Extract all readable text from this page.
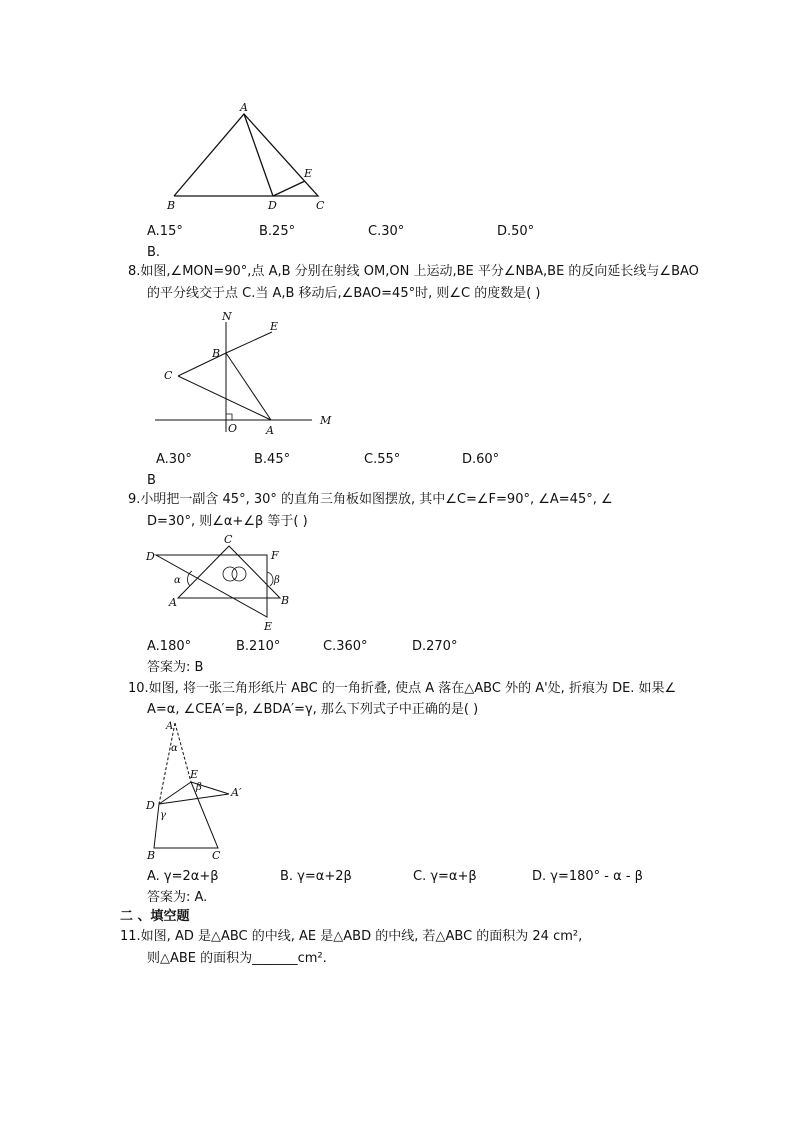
A
B	D	C
E
A.15°	B.25°	C.30°	D.50°
B.
8.如图,∠MON=90°,点 A,B 分别在射线 OM,ON 上运动,BE 平分∠NBA,BE 的反向延长线与∠BAO
的平分线交于点 C.当 A,B 移动后,∠BAO=45°时, 则∠C 的度数是( )
N
E
B
C
O	A
M
A.30°	B.45°	C.55°	D.60°
B
9.小明把一副含 45°, 30° 的直角三角板如图摆放, 其中∠C=∠F=90°, ∠A=45°, ∠
D=30°, 则∠α+∠β 等于( )
C
F
D
α	β
A	B
E
A.180°	B.210°	C.360°	D.270°
答案为: B
10.如图, 将一张三角形纸片 ABC 的一角折叠, 使点 A 落在△ABC 外的 A'处, 折痕为 DE. 如果∠
A=α, ∠CEA′=β, ∠BDA′=γ, 那么下列式子中正确的是( )
A
α
E
β	A′
D
γ
B	C
A. γ=2α+β	B. γ=α+2β	C. γ=α+β	D. γ=180° - α - β
答案为: A.
二 、填空题
11.如图, AD 是△ABC 的中线, AE 是△ABD 的中线, 若△ABC 的面积为 24 cm²,
则△ABE 的面积为_______cm².
